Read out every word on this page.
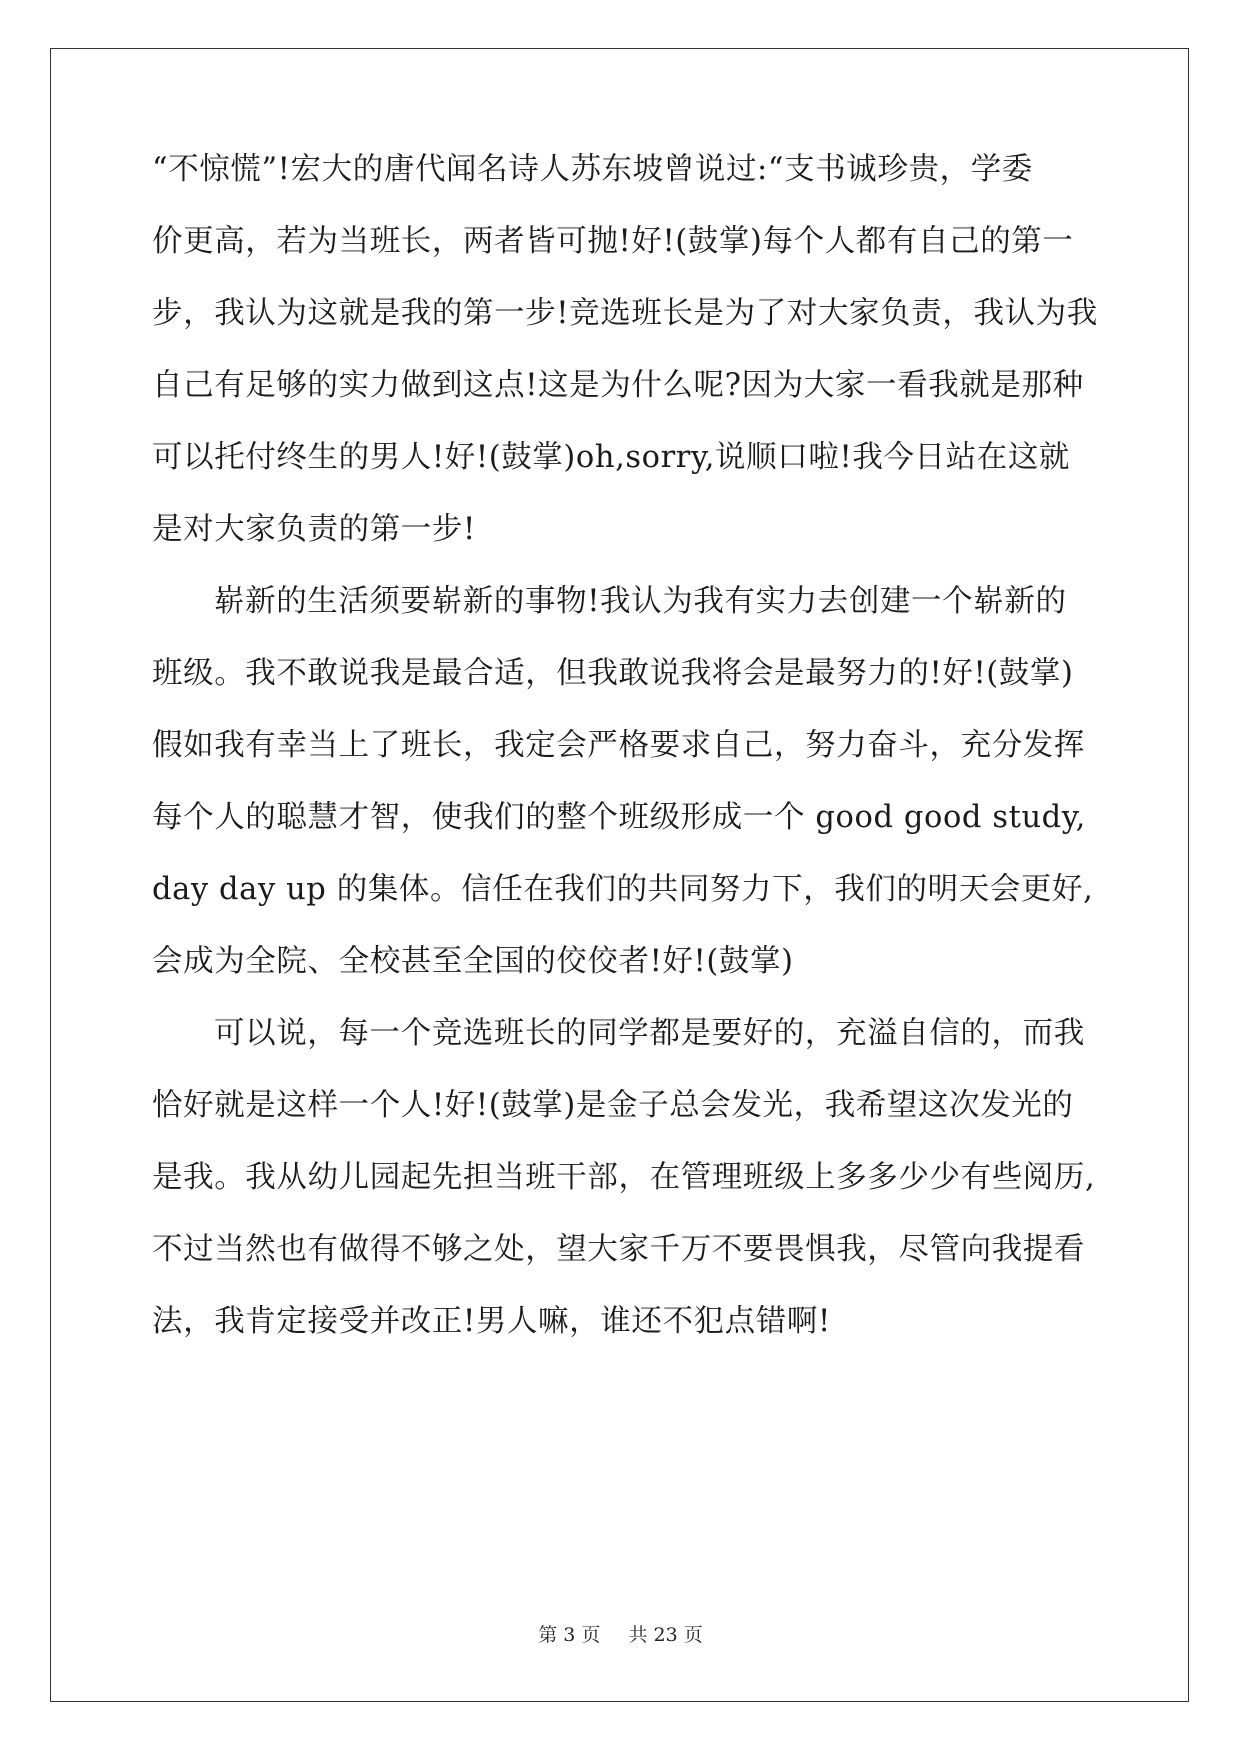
“不惊慌”!宏大的唐代闻名诗人苏东坡曾说过:“支书诚珍贵，学委
价更高，若为当班长，两者皆可抛!好!(鼓掌)每个人都有自己的第一
步，我认为这就是我的第一步!竞选班长是为了对大家负责，我认为我
自己有足够的实力做到这点!这是为什么呢?因为大家一看我就是那种
可以托付终生的男人!好!(鼓掌)oh,sorry,说顺口啦!我今日站在这就
是对大家负责的第一步!
崭新的生活须要崭新的事物!我认为我有实力去创建一个崭新的
班级。我不敢说我是最合适，但我敢说我将会是最努力的!好!(鼓掌)
假如我有幸当上了班长，我定会严格要求自己，努力奋斗，充分发挥
每个人的聪慧才智，使我们的整个班级形成一个 good good study,
day day up 的集体。信任在我们的共同努力下，我们的明天会更好,
会成为全院、全校甚至全国的佼佼者!好!(鼓掌)
可以说，每一个竞选班长的同学都是要好的，充溢自信的，而我
恰好就是这样一个人!好!(鼓掌)是金子总会发光，我希望这次发光的
是我。我从幼儿园起先担当班干部，在管理班级上多多少少有些阅历,
不过当然也有做得不够之处，望大家千万不要畏惧我，尽管向我提看
法，我肯定接受并改正!男人嘛，谁还不犯点错啊!
第 3 页 共 23 页
